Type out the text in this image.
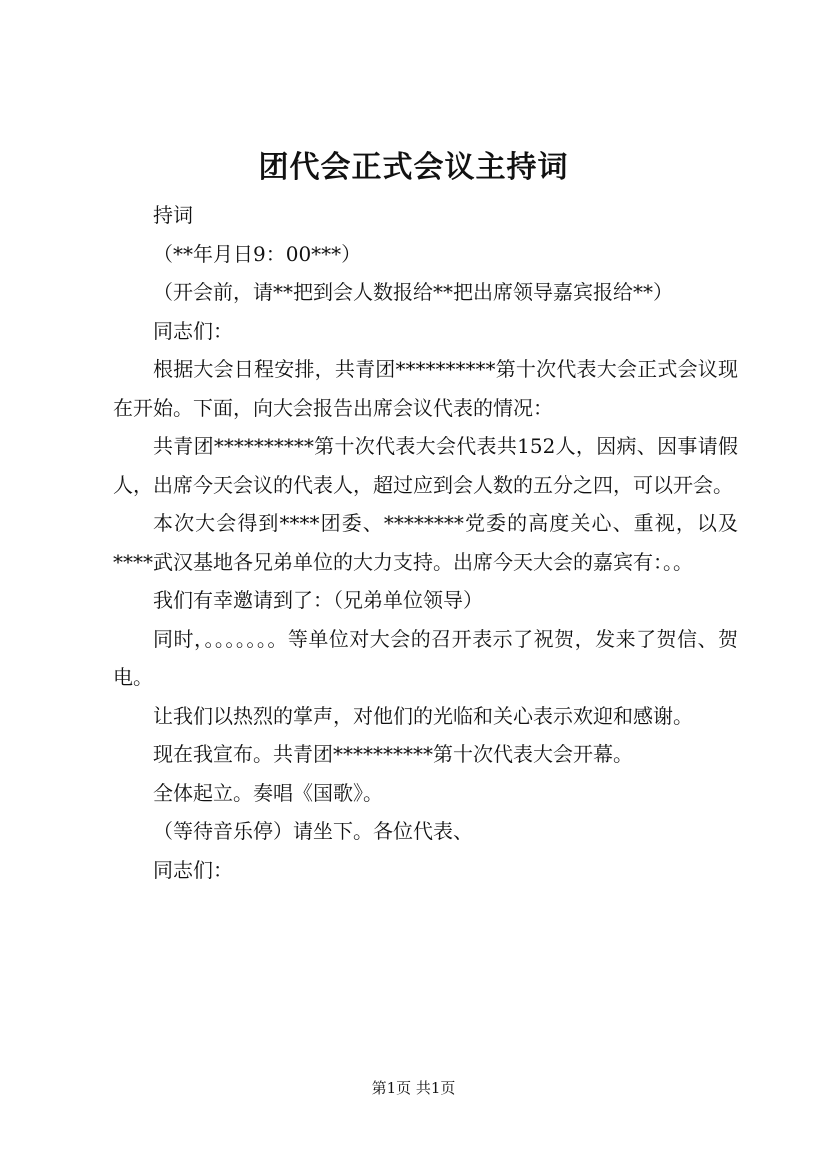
团代会正式会议主持词

持词

（**年月日9：00***）

（开会前，请**把到会人数报给**把出席领导嘉宾报给**）

同志们：

根据大会日程安排，共青团**********第十次代表大会正式会议现在开始。下面，向大会报告出席会议代表的情况：

共青团**********第十次代表大会代表共152人，因病、因事请假人，出席今天会议的代表人，超过应到会人数的五分之四，可以开会。

本次大会得到****团委、********党委的高度关心、重视，以及****武汉基地各兄弟单位的大力支持。出席今天大会的嘉宾有：。。

我们有幸邀请到了：（兄弟单位领导）

同时，。。。。。。。等单位对大会的召开表示了祝贺，发来了贺信、贺电。

让我们以热烈的掌声，对他们的光临和关心表示欢迎和感谢。

现在我宣布。共青团**********第十次代表大会开幕。

全体起立。奏唱《国歌》。

（等待音乐停）请坐下。各位代表、

同志们：

第1页 共1页
